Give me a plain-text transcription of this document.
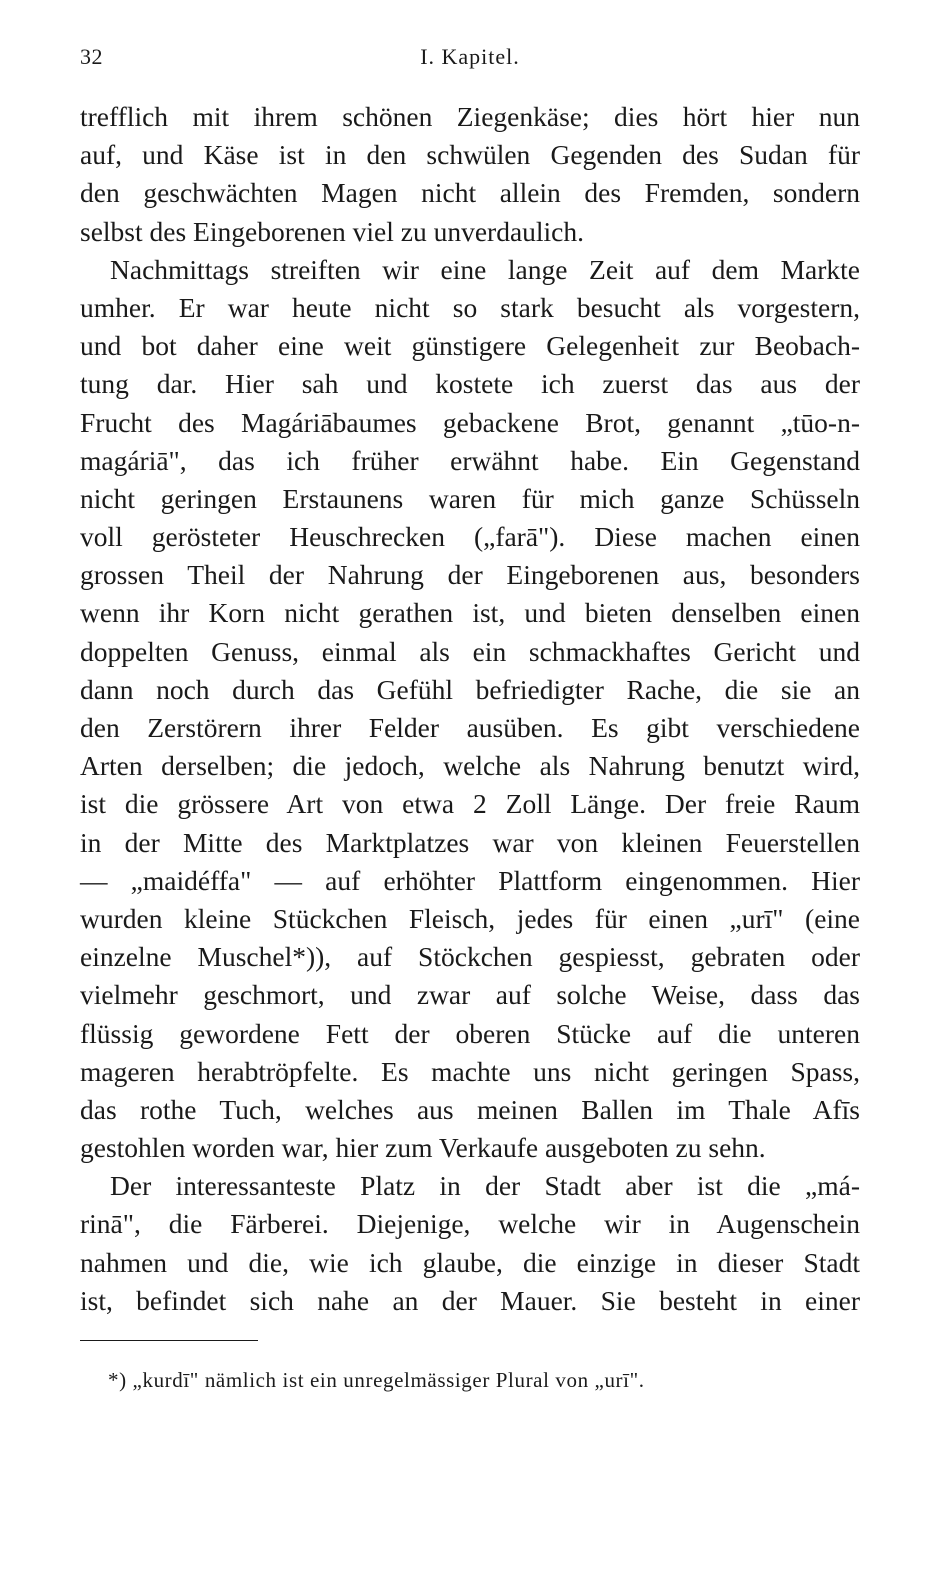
32	I. Kapitel.
trefflich mit ihrem schönen Ziegenkäse; dies hört hier nun
auf, und Käse ist in den schwülen Gegenden des Sudan für
den geschwächten Magen nicht allein des Fremden, sondern
selbst des Eingeborenen viel zu unverdaulich.
Nachmittags streiften wir eine lange Zeit auf dem Markte
umher. Er war heute nicht so stark besucht als vorgestern,
und bot daher eine weit günstigere Gelegenheit zur Beobach-
tung dar. Hier sah und kostete ich zuerst das aus der
Frucht des Magáriābaumes gebackene Brot, genannt „tūo-n-
magáriā", das ich früher erwähnt habe. Ein Gegenstand
nicht geringen Erstaunens waren für mich ganze Schüsseln
voll gerösteter Heuschrecken („farā"). Diese machen einen
grossen Theil der Nahrung der Eingeborenen aus, besonders
wenn ihr Korn nicht gerathen ist, und bieten denselben einen
doppelten Genuss, einmal als ein schmackhaftes Gericht und
dann noch durch das Gefühl befriedigter Rache, die sie an
den Zerstörern ihrer Felder ausüben. Es gibt verschiedene
Arten derselben; die jedoch, welche als Nahrung benutzt wird,
ist die grössere Art von etwa 2 Zoll Länge. Der freie Raum
in der Mitte des Marktplatzes war von kleinen Feuerstellen
— „maidéffa" — auf erhöhter Plattform eingenommen. Hier
wurden kleine Stückchen Fleisch, jedes für einen „urī" (eine
einzelne Muschel*)), auf Stöckchen gespiesst, gebraten oder
vielmehr geschmort, und zwar auf solche Weise, dass das
flüssig gewordene Fett der oberen Stücke auf die unteren
mageren herabtröpfelte. Es machte uns nicht geringen Spass,
das rothe Tuch, welches aus meinen Ballen im Thale Afīs
gestohlen worden war, hier zum Verkaufe ausgeboten zu sehn.
Der interessanteste Platz in der Stadt aber ist die „má-
rinā", die Färberei. Diejenige, welche wir in Augenschein
nahmen und die, wie ich glaube, die einzige in dieser Stadt
ist, befindet sich nahe an der Mauer. Sie besteht in einer
*) „kurdī" nämlich ist ein unregelmässiger Plural von „urī".
